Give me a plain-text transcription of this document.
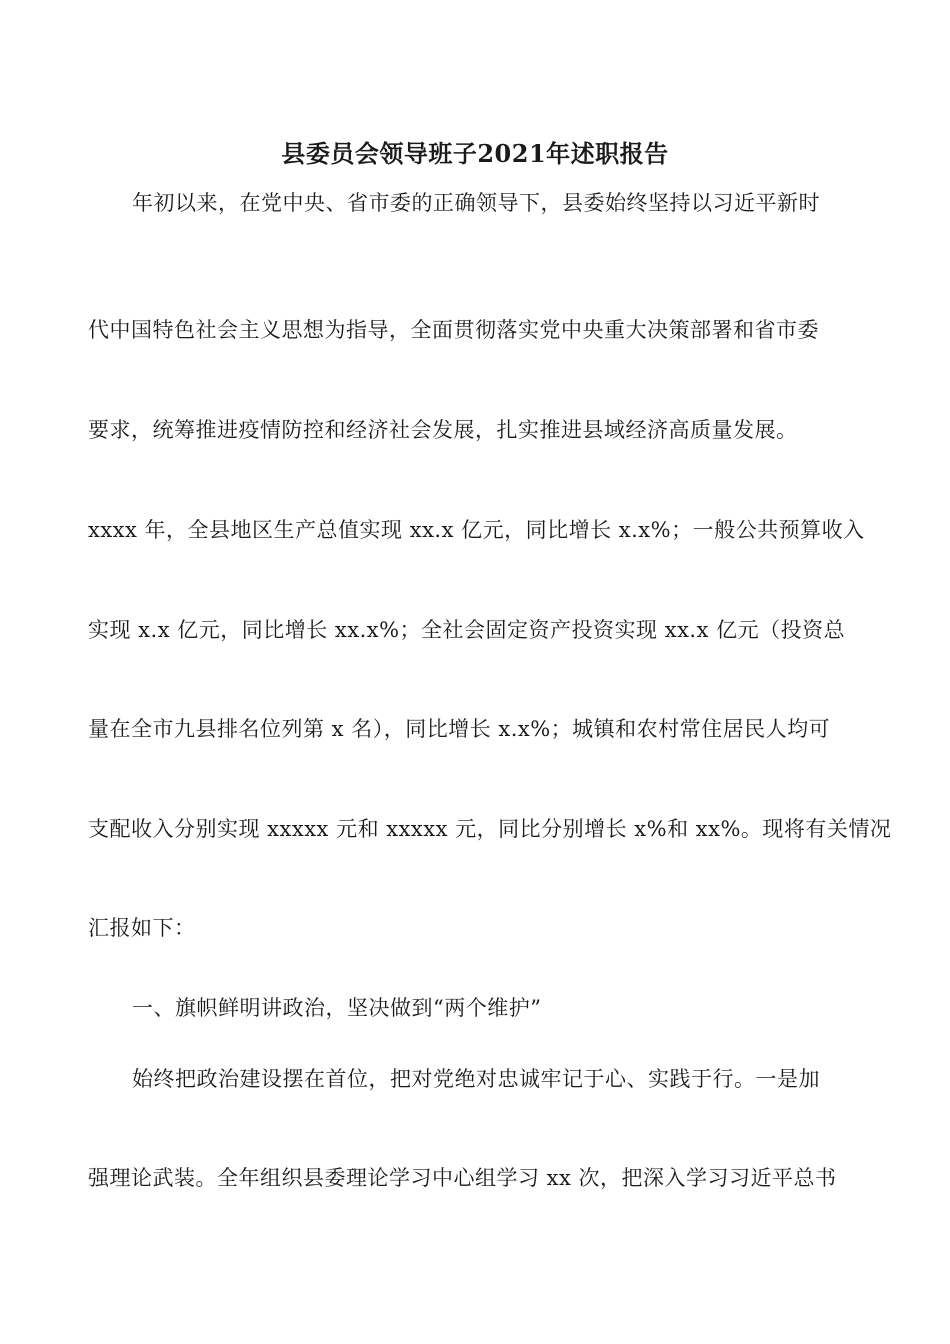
县委员会领导班子2021年述职报告
年初以来，在党中央、省市委的正确领导下，县委始终坚持以习近平新时
代中国特色社会主义思想为指导，全面贯彻落实党中央重大决策部署和省市委
要求，统筹推进疫情防控和经济社会发展，扎实推进县域经济高质量发展。
xxxx 年，全县地区生产总值实现 xx.x 亿元，同比增长 x.x%；一般公共预算收入
实现 x.x 亿元，同比增长 xx.x%；全社会固定资产投资实现 xx.x 亿元（投资总
量在全市九县排名位列第 x 名），同比增长 x.x%；城镇和农村常住居民人均可
支配收入分别实现 xxxxx 元和 xxxxx 元，同比分别增长 x%和 xx%。现将有关情况
汇报如下：
一、旗帜鲜明讲政治，坚决做到“两个维护”
始终把政治建设摆在首位，把对党绝对忠诚牢记于心、实践于行。一是加
强理论武装。全年组织县委理论学习中心组学习 xx 次，把深入学习习近平总书
